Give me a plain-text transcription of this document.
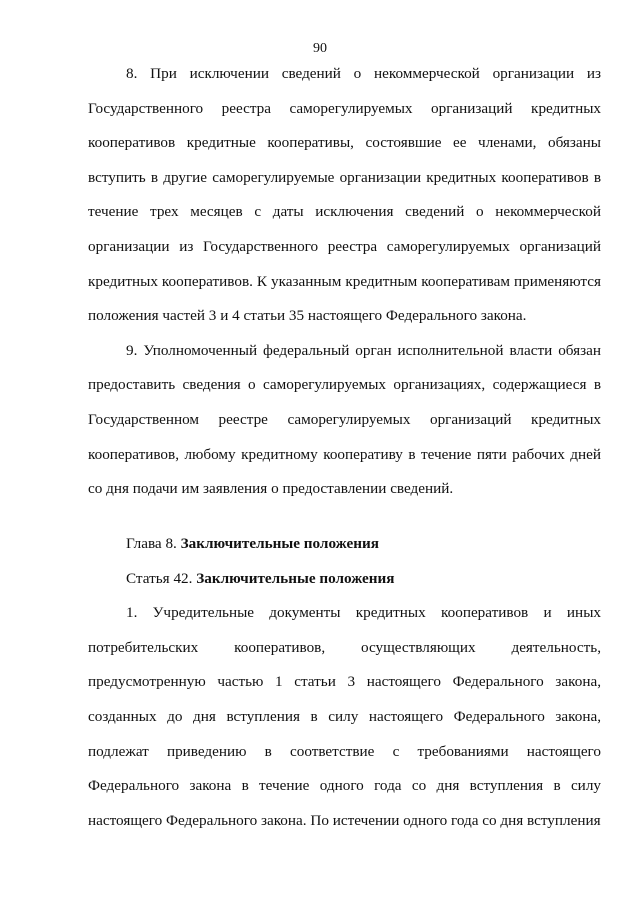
90

8. При исключении сведений о некоммерческой организации из Государственного реестра саморегулируемых организаций кредитных кооперативов кредитные кооперативы, состоявшие ее членами, обязаны вступить в другие саморегулируемые организации кредитных кооперативов в течение трех месяцев с даты исключения сведений о некоммерческой организации из Государственного реестра саморегулируемых организаций кредитных кооперативов. К указанным кредитным кооперативам применяются положения частей 3 и 4 статьи 35 настоящего Федерального закона.

9. Уполномоченный федеральный орган исполнительной власти обязан предоставить сведения о саморегулируемых организациях, содержащиеся в Государственном реестре саморегулируемых организаций кредитных кооперативов, любому кредитному кооперативу в течение пяти рабочих дней со дня подачи им заявления о предоставлении сведений.

Глава 8. Заключительные положения

Статья 42. Заключительные положения

1. Учредительные документы кредитных кооперативов и иных потребительских кооперативов, осуществляющих деятельность, предусмотренную частью 1 статьи 3 настоящего Федерального закона, созданных до дня вступления в силу настоящего Федерального закона, подлежат приведению в соответствие с требованиями настоящего Федерального закона в течение одного года со дня вступления в силу настоящего Федерального закона. По истечении одного года со дня вступления
